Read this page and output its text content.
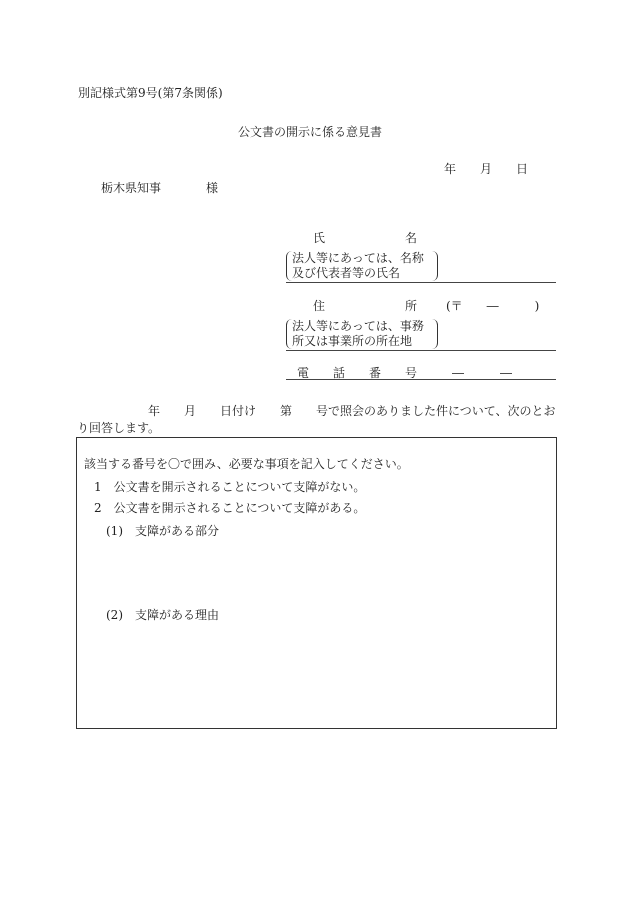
別記様式第9号(第7条関係)
公文書の開示に係る意見書
年 月 日
栃木県知事	様
氏	名
法人等にあっては、名称
及び代表者等の氏名
住	所 (〒　　―　　　)
法人等にあっては、事務
所又は事業所の所在地
電　　話　　番　　号	―　　　―
年　　月　　日付け　　第　　号で照会のありました件について、次のとお
り回答します。
該当する番号を〇で囲み、必要な事項を記入してください。
1　公文書を開示されることについて支障がない。
2　公文書を開示されることについて支障がある。
(1)　支障がある部分
(2)　支障がある理由
